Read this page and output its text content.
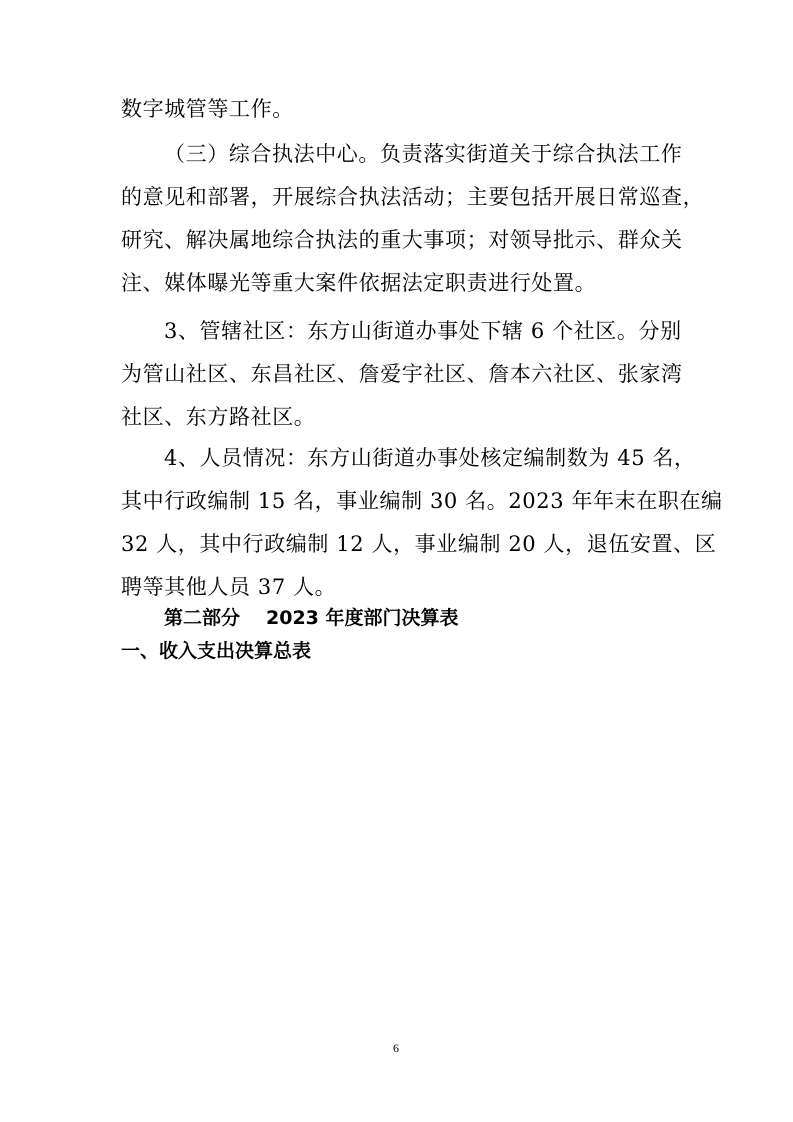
数字城管等工作。

（三）综合执法中心。负责落实街道关于综合执法工作

的意见和部署，开展综合执法活动；主要包括开展日常巡查，

研究、解决属地综合执法的重大事项；对领导批示、群众关

注、媒体曝光等重大案件依据法定职责进行处置。

3、管辖社区：东方山街道办事处下辖 6 个社区。分别

为管山社区、东昌社区、詹爱宇社区、詹本六社区、张家湾

社区、东方路社区。

4、人员情况：东方山街道办事处核定编制数为 45 名，

其中行政编制 15 名，事业编制 30 名。2023 年年末在职在编

32 人，其中行政编制 12 人，事业编制 20 人，退伍安置、区

聘等其他人员 37 人。

第二部分 2023 年度部门决算表

一、收入支出决算总表

6
